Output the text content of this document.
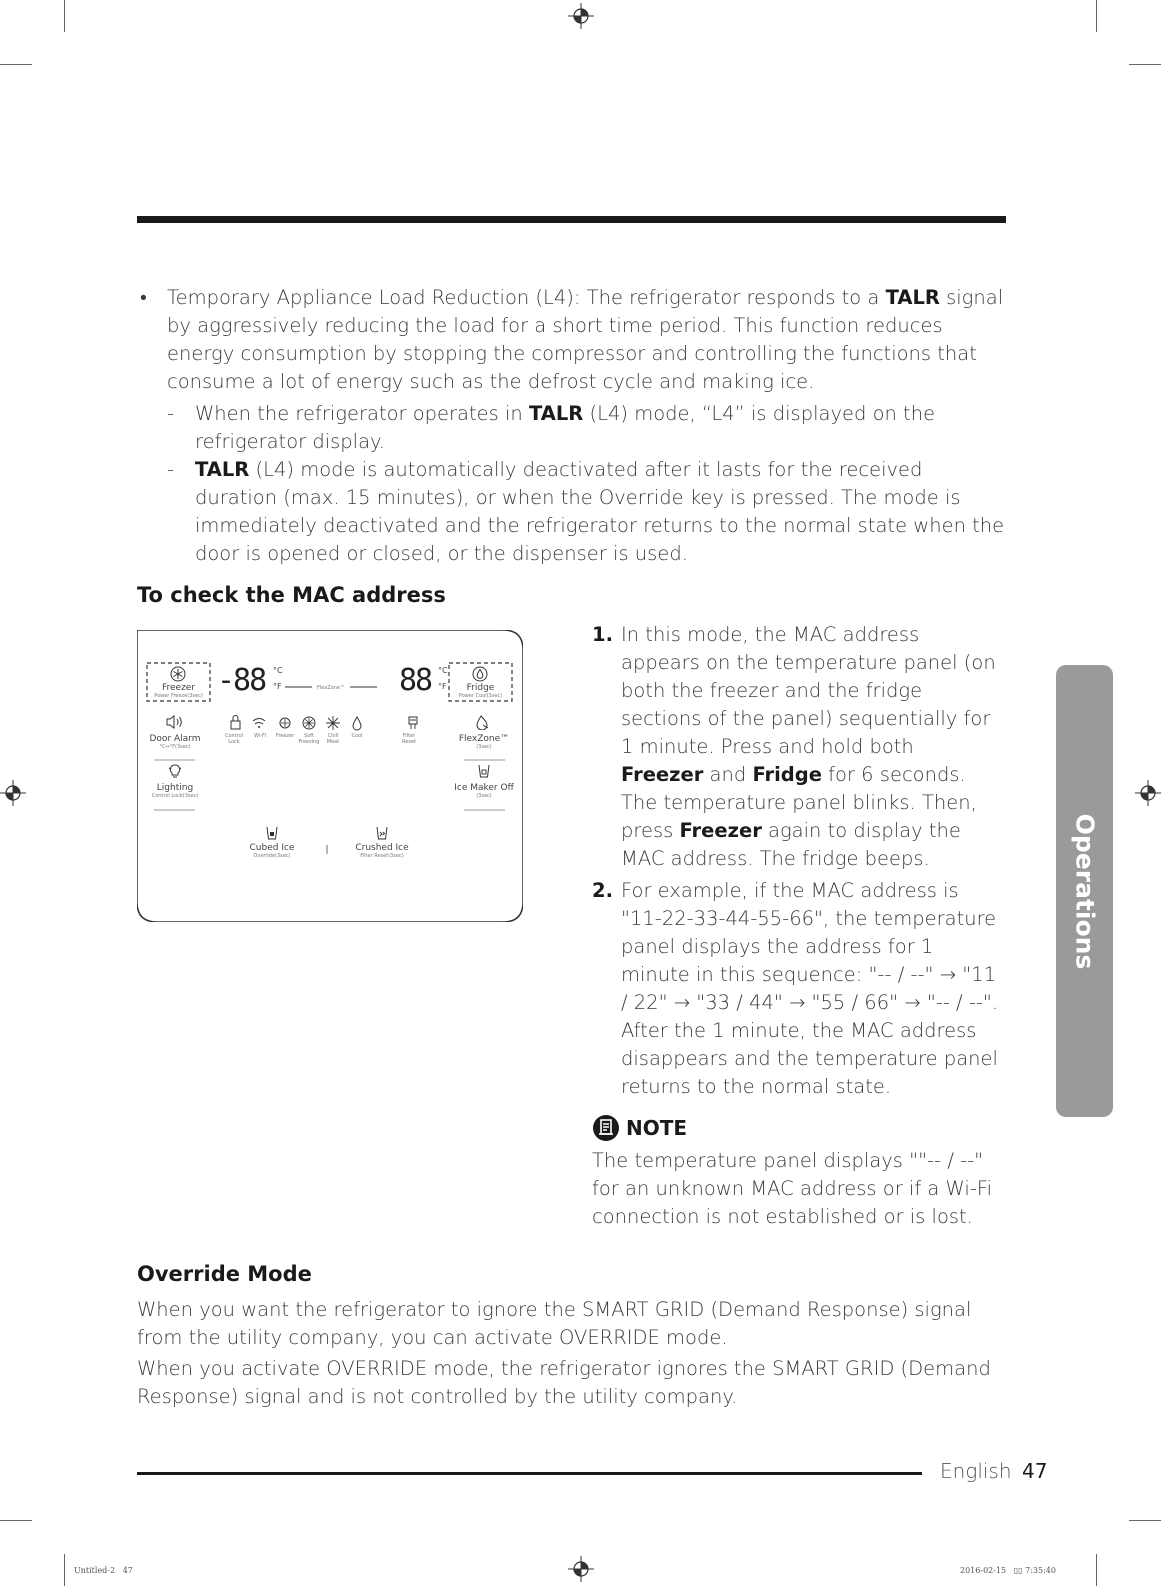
• Temporary Appliance Load Reduction (L4): The refrigerator responds to a TALR signal by aggressively reducing the load for a short time period. This function reduces energy consumption by stopping the compressor and controlling the functions that consume a lot of energy such as the defrost cycle and making ice.
- When the refrigerator operates in TALR (L4) mode, “L4” is displayed on the refrigerator display.
- TALR (L4) mode is automatically deactivated after it lasts for the received duration (max. 15 minutes), or when the Override key is pressed. The mode is immediately deactivated and the refrigerator returns to the normal state when the door is opened or closed, or the dispenser is used.
To check the MAC address
Freezer
Power Freeze(3sec) -88 °C
°F	88 °C
°F	Fridge
Power Cool(3sec)
FlexZone™
Door Alarm
°C↔°F(3sec)
Control Lock
Wi-Fi	Freezer	Soft Freezing
Chill Meat
Cool	Filter Reset	FlexZone™
(3sec)
Lighting
Control Lock(3sec)
Ice Maker Off
(3sec)
Cubed Ice
Override(3sec)
|	Crushed Ice
Filter Reset(3sec)
1. In this mode, the MAC address appears on the temperature panel (on both the freezer and the fridge sections of the panel) sequentially for 1 minute. Press and hold both Freezer and Fridge for 6 seconds. The temperature panel blinks. Then, press Freezer again to display the MAC address. The fridge beeps.
2. For example, if the MAC address is "11-22-33-44-55-66", the temperature panel displays the address for 1 minute in this sequence: "-- / --" → "11 / 22" → "33 / 44" → "55 / 66" → "-- / --". After the 1 minute, the MAC address disappears and the temperature panel returns to the normal state.
NOTE
The temperature panel displays ""-- / --" for an unknown MAC address or if a Wi-Fi connection is not established or is lost.
Override Mode
When you want the refrigerator to ignore the SMART GRID (Demand Response) signal from the utility company, you can activate OVERRIDE mode.
When you activate OVERRIDE mode, the refrigerator ignores the SMART GRID (Demand Response) signal and is not controlled by the utility company.
Operations
English 47
Untitled-2   47	2016-02-15   ▯▯ 7:35:40
